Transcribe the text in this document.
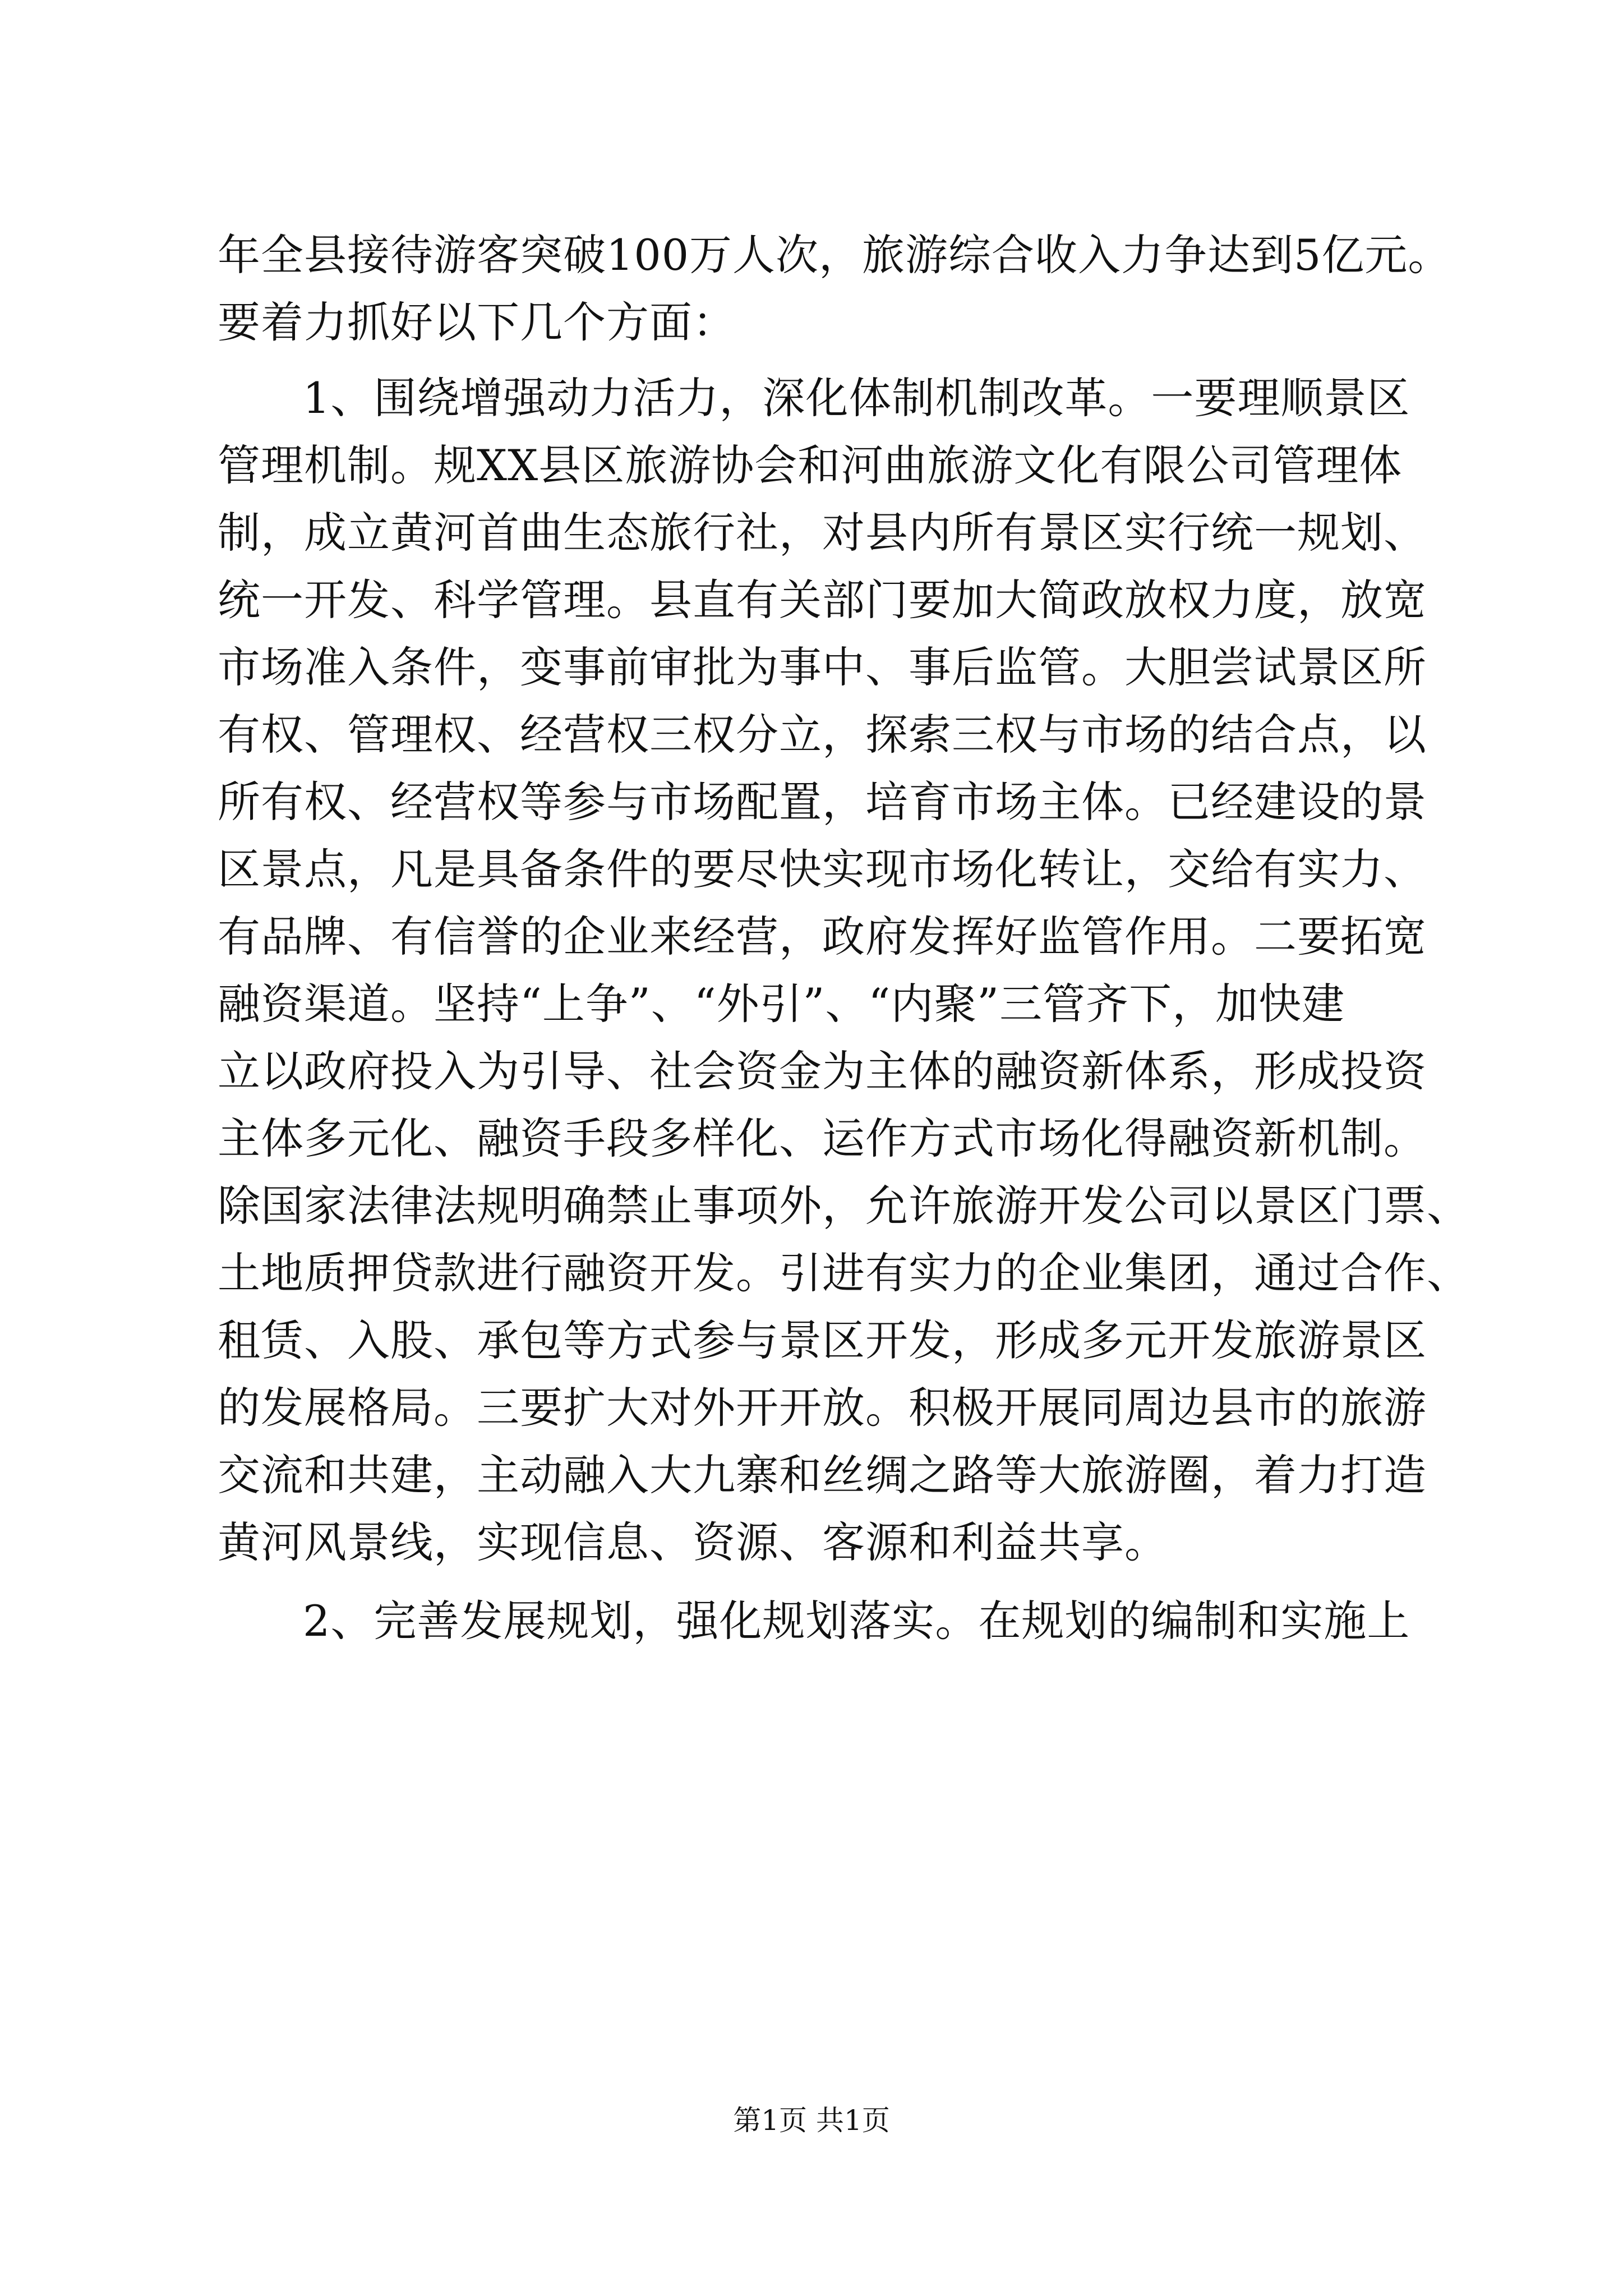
年全县接待游客突破100万人次，旅游综合收入力争达到5亿元。
要着力抓好以下几个方面：
1、围绕增强动力活力，深化体制机制改革。一要理顺景区
管理机制。规XX县区旅游协会和河曲旅游文化有限公司管理体
制，成立黄河首曲生态旅行社，对县内所有景区实行统一规划、
统一开发、科学管理。县直有关部门要加大简政放权力度，放宽
市场准入条件，变事前审批为事中、事后监管。大胆尝试景区所
有权、管理权、经营权三权分立，探索三权与市场的结合点，以
所有权、经营权等参与市场配置，培育市场主体。已经建设的景
区景点，凡是具备条件的要尽快实现市场化转让，交给有实力、
有品牌、有信誉的企业来经营，政府发挥好监管作用。二要拓宽
融资渠道。坚持“上争”、“外引”、“内聚”三管齐下，加快建
立以政府投入为引导、社会资金为主体的融资新体系，形成投资
主体多元化、融资手段多样化、运作方式市场化得融资新机制。
除国家法律法规明确禁止事项外，允许旅游开发公司以景区门票、
土地质押贷款进行融资开发。引进有实力的企业集团，通过合作、
租赁、入股、承包等方式参与景区开发，形成多元开发旅游景区
的发展格局。三要扩大对外开开放。积极开展同周边县市的旅游
交流和共建，主动融入大九寨和丝绸之路等大旅游圈，着力打造
黄河风景线，实现信息、资源、客源和利益共享。
2、完善发展规划，强化规划落实。在规划的编制和实施上
第1页 共1页
